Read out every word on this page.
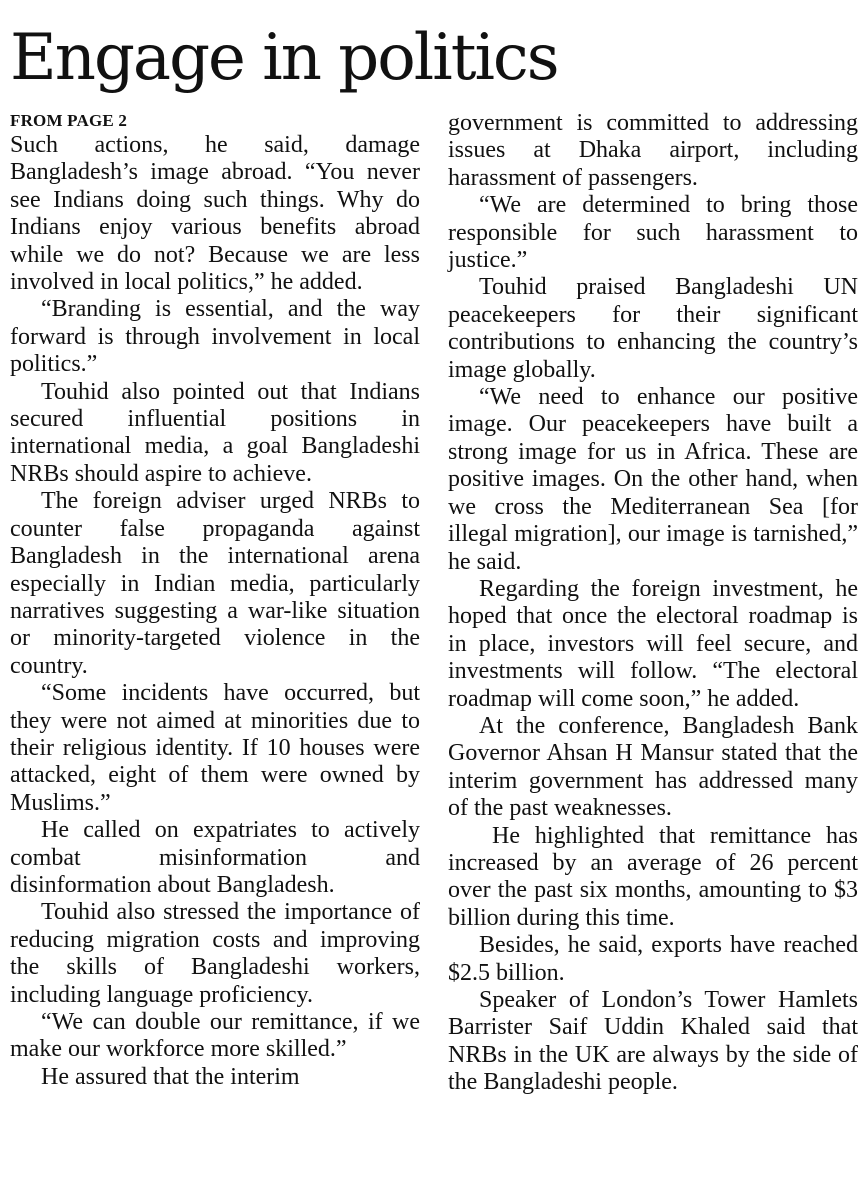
Engage in politics
FROM PAGE 2

Such actions, he said, damage Bangladesh’s image abroad. “You never see Indians doing such things. Why do Indians enjoy various benefits abroad while we do not? Because we are less involved in local politics,” he added.

“Branding is essential, and the way forward is through involvement in local politics.”

Touhid also pointed out that Indians secured influential positions in international media, a goal Bangladeshi NRBs should aspire to achieve.

The foreign adviser urged NRBs to counter false propaganda against Bangladesh in the international arena especially in Indian media, particularly narratives suggesting a war-like situation or minority-targeted violence in the country.

“Some incidents have occurred, but they were not aimed at minorities due to their religious identity. If 10 houses were attacked, eight of them were owned by Muslims.”

He called on expatriates to actively combat misinformation and disinformation about Bangladesh.

Touhid also stressed the importance of reducing migration costs and improving the skills of Bangladeshi workers, including language proficiency.

“We can double our remittance, if we make our workforce more skilled.”

He assured that the interim

government is committed to addressing issues at Dhaka airport, including harassment of passengers.

“We are determined to bring those responsible for such harassment to justice.”

Touhid praised Bangladeshi UN peacekeepers for their significant contributions to enhancing the country’s image globally.

“We need to enhance our positive image. Our peacekeepers have built a strong image for us in Africa. These are positive images. On the other hand, when we cross the Mediterranean Sea [for illegal migration], our image is tarnished,” he said.

Regarding the foreign investment, he hoped that once the electoral roadmap is in place, investors will feel secure, and investments will follow. “The electoral roadmap will come soon,” he added.

At the conference, Bangladesh Bank Governor Ahsan H Mansur stated that the interim government has addressed many of the past weaknesses.

He highlighted that remittance has increased by an average of 26 percent over the past six months, amounting to $3 billion during this time.

Besides, he said, exports have reached $2.5 billion.

Speaker of London’s Tower Hamlets Barrister Saif Uddin Khaled said that NRBs in the UK are always by the side of the Bangladeshi people.
